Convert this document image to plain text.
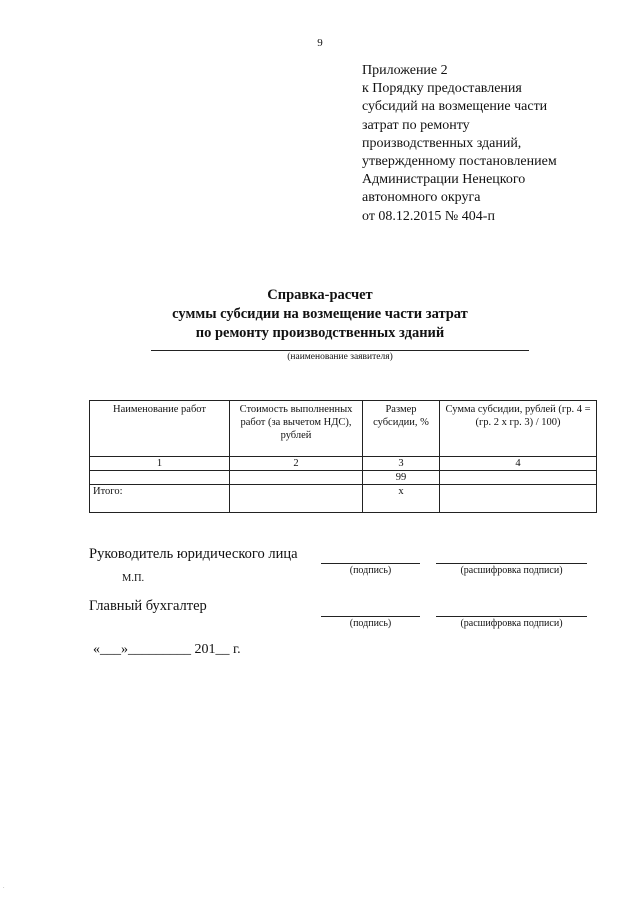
9
Приложение 2
к Порядку предоставления
субсидий на возмещение части
затрат по ремонту
производственных зданий,
утвержденному постановлением
Администрации Ненецкого
автономного округа
от 08.12.2015 № 404-п
Справка-расчет
суммы субсидии на возмещение части затрат
по ремонту производственных зданий
(наименование заявителя)
Наименование работ	Стоимость выполненных работ (за вычетом НДС), рублей	Размер субсидии, %	Сумма субсидии, рублей (гр. 4 = (гр. 2 х гр. 3) / 100)
1	2	3	4
		99	
Итого:		x	
Руководитель юридического лица
(подпись)	(расшифровка подписи)
М.П.
Главный бухгалтер
(подпись)	(расшифровка подписи)
«___»_________ 201__ г.
.
